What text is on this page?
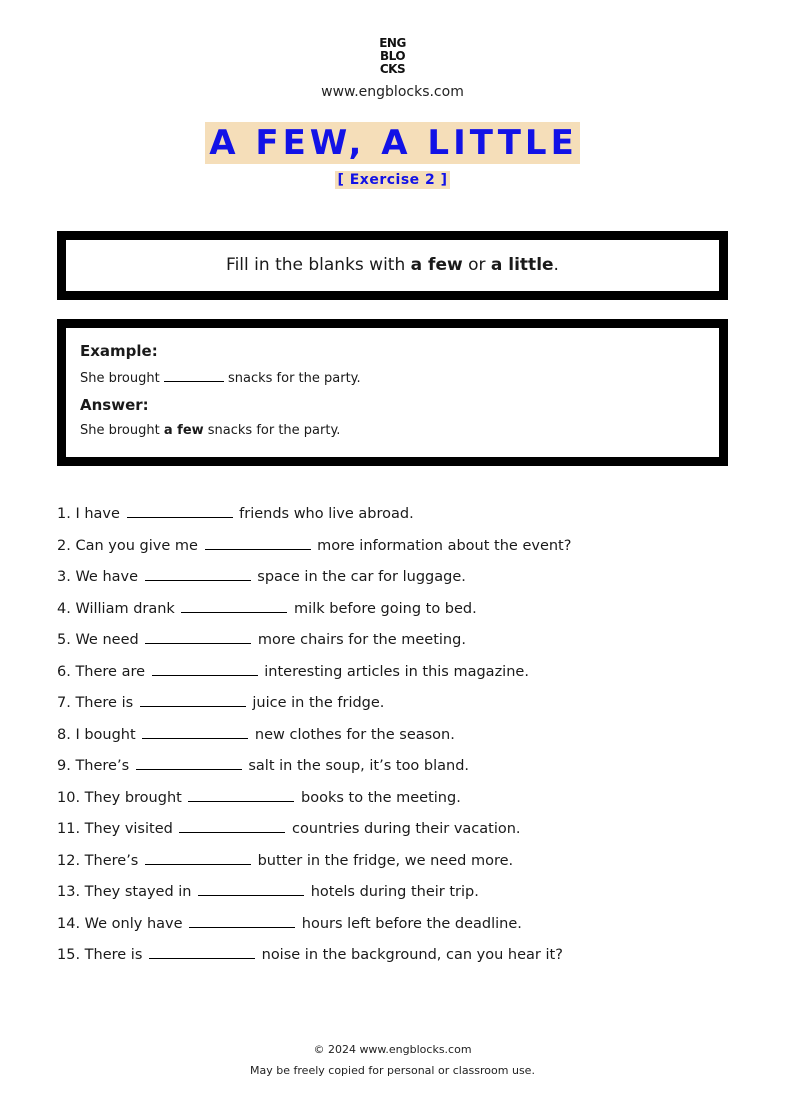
ENG
BLO
CKS
www.engblocks.com
A FEW, A LITTLE
[ Exercise 2 ]
Fill in the blanks with a few or a little.
Example:
She brought	snacks for the party.
Answer:
She brought a few snacks for the party.
1. I have	friends who live abroad.
2. Can you give me	more information about the event?
3. We have	space in the car for luggage.
4. William drank	milk before going to bed.
5. We need	more chairs for the meeting.
6. There are	interesting articles in this magazine.
7. There is	juice in the fridge.
8. I bought	new clothes for the season.
9. There’s	salt in the soup, it’s too bland.
10. They brought	books to the meeting.
11. They visited	countries during their vacation.
12. There’s	butter in the fridge, we need more.
13. They stayed in	hotels during their trip.
14. We only have	hours left before the deadline.
15. There is	noise in the background, can you hear it?
© 2024 www.engblocks.com
May be freely copied for personal or classroom use.
